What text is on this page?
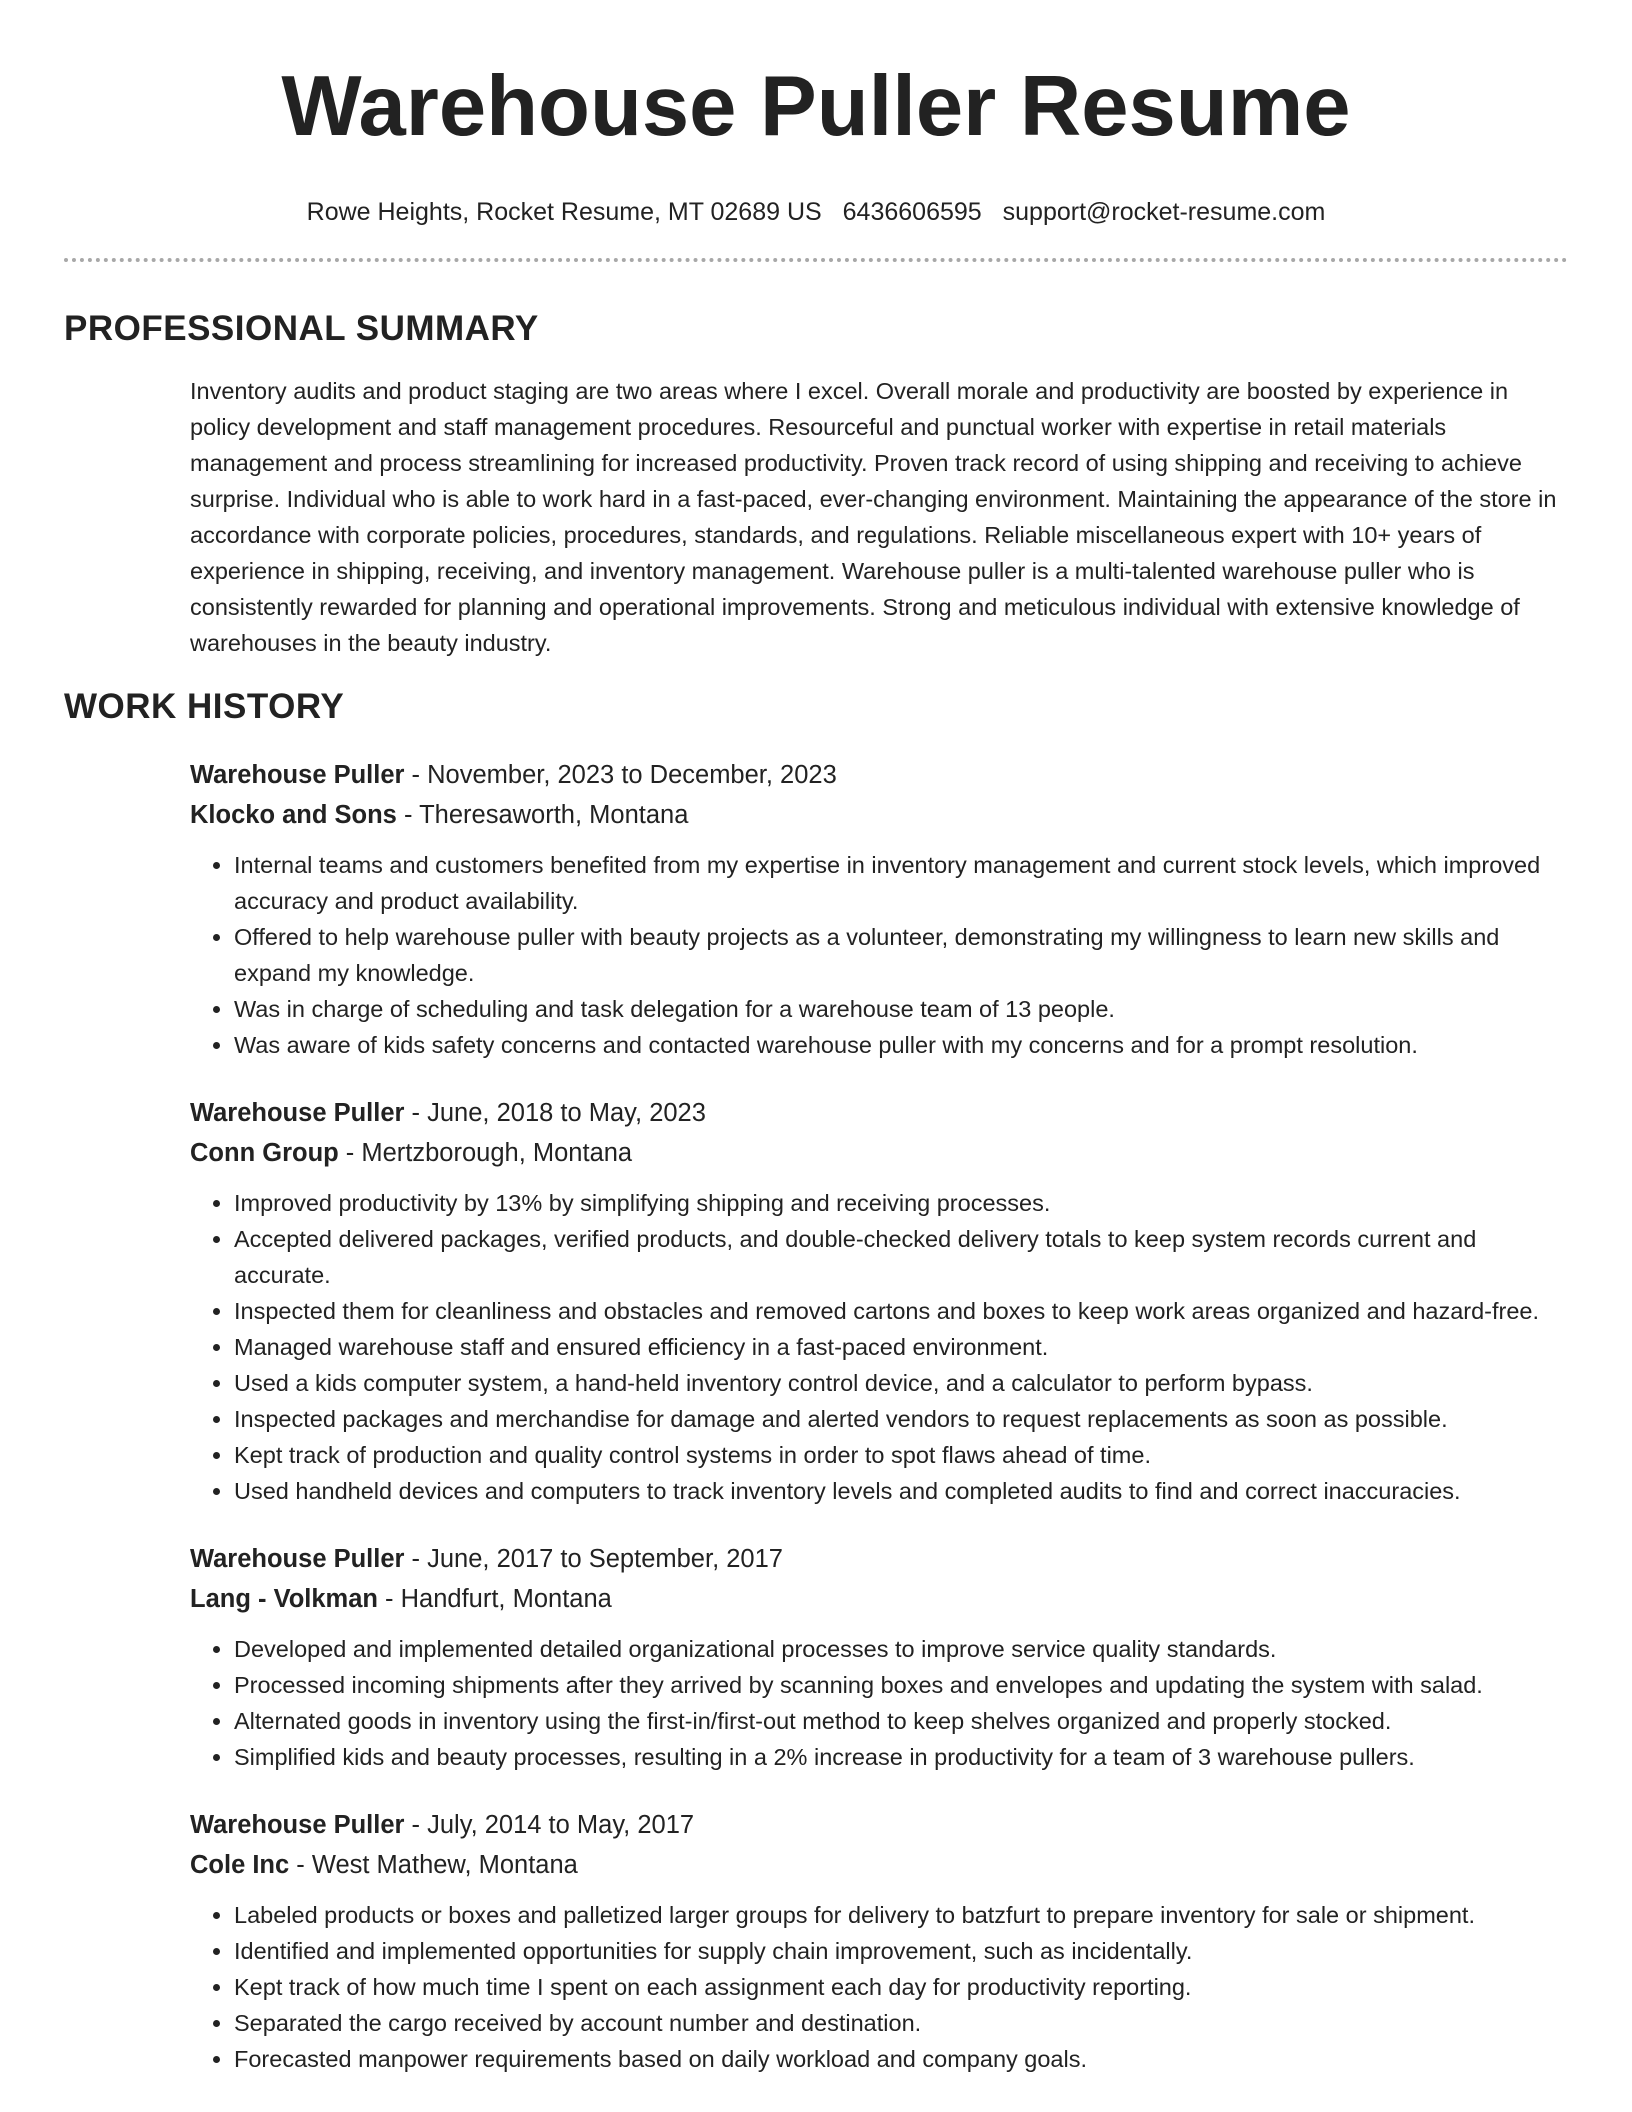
Warehouse Puller Resume
Rowe Heights, Rocket Resume, MT 02689 US 6436606595 support@rocket-resume.com
PROFESSIONAL SUMMARY

Inventory audits and product staging are two areas where I excel. Overall morale and productivity are boosted by experience in policy development and staff management procedures. Resourceful and punctual worker with expertise in retail materials management and process streamlining for increased productivity. Proven track record of using shipping and receiving to achieve surprise. Individual who is able to work hard in a fast-paced, ever-changing environment. Maintaining the appearance of the store in accordance with corporate policies, procedures, standards, and regulations. Reliable miscellaneous expert with 10+ years of experience in shipping, receiving, and inventory management. Warehouse puller is a multi-talented warehouse puller who is consistently rewarded for planning and operational improvements. Strong and meticulous individual with extensive knowledge of warehouses in the beauty industry.

WORK HISTORY
Warehouse Puller - November, 2023 to December, 2023
Klocko and Sons - Theresaworth, Montana
• Internal teams and customers benefited from my expertise in inventory management and current stock levels, which improved accuracy and product availability.
• Offered to help warehouse puller with beauty projects as a volunteer, demonstrating my willingness to learn new skills and expand my knowledge.
• Was in charge of scheduling and task delegation for a warehouse team of 13 people.
• Was aware of kids safety concerns and contacted warehouse puller with my concerns and for a prompt resolution.
Warehouse Puller - June, 2018 to May, 2023
Conn Group - Mertzborough, Montana
• Improved productivity by 13% by simplifying shipping and receiving processes.
• Accepted delivered packages, verified products, and double-checked delivery totals to keep system records current and accurate.
• Inspected them for cleanliness and obstacles and removed cartons and boxes to keep work areas organized and hazard-free.
• Managed warehouse staff and ensured efficiency in a fast-paced environment.
• Used a kids computer system, a hand-held inventory control device, and a calculator to perform bypass.
• Inspected packages and merchandise for damage and alerted vendors to request replacements as soon as possible.
• Kept track of production and quality control systems in order to spot flaws ahead of time.
• Used handheld devices and computers to track inventory levels and completed audits to find and correct inaccuracies.
Warehouse Puller - June, 2017 to September, 2017
Lang - Volkman - Handfurt, Montana
• Developed and implemented detailed organizational processes to improve service quality standards.
• Processed incoming shipments after they arrived by scanning boxes and envelopes and updating the system with salad.
• Alternated goods in inventory using the first-in/first-out method to keep shelves organized and properly stocked.
• Simplified kids and beauty processes, resulting in a 2% increase in productivity for a team of 3 warehouse pullers.
Warehouse Puller - July, 2014 to May, 2017
Cole Inc - West Mathew, Montana
• Labeled products or boxes and palletized larger groups for delivery to batzfurt to prepare inventory for sale or shipment.
• Identified and implemented opportunities for supply chain improvement, such as incidentally.
• Kept track of how much time I spent on each assignment each day for productivity reporting.
• Separated the cargo received by account number and destination.
• Forecasted manpower requirements based on daily workload and company goals.
